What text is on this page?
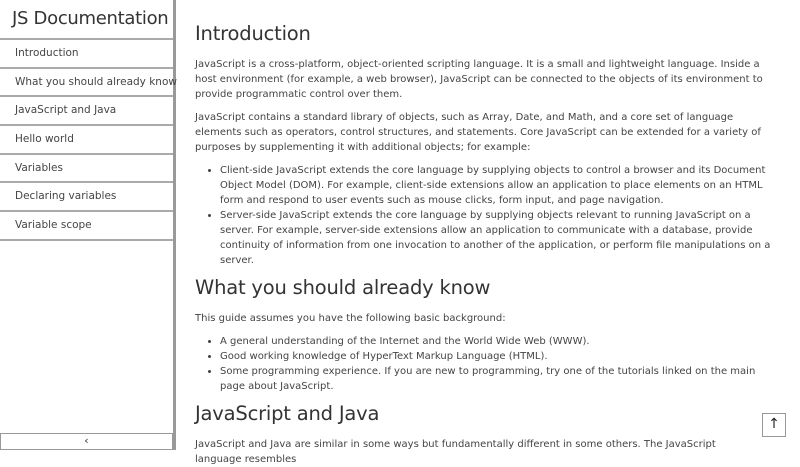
JS Documentation
Introduction
What you should already know
JavaScript and Java
Hello world
Variables
Declaring variables
Variable scope
‹
Introduction

JavaScript is a cross-platform, object-oriented scripting language. It is a small and lightweight language. Inside a host environment (for example, a web browser), JavaScript can be connected to the objects of its environment to provide programmatic control over them.

JavaScript contains a standard library of objects, such as Array, Date, and Math, and a core set of language elements such as operators, control structures, and statements. Core JavaScript can be extended for a variety of purposes by supplementing it with additional objects; for example:

• Client-side JavaScript extends the core language by supplying objects to control a browser and its Document Object Model (DOM). For example, client-side extensions allow an application to place elements on an HTML form and respond to user events such as mouse clicks, form input, and page navigation.
• Server-side JavaScript extends the core language by supplying objects relevant to running JavaScript on a server. For example, server-side extensions allow an application to communicate with a database, provide continuity of information from one invocation to another of the application, or perform file manipulations on a server.
What you should already know

This guide assumes you have the following basic background:

• A general understanding of the Internet and the World Wide Web (WWW).
• Good working knowledge of HyperText Markup Language (HTML).
• Some programming experience. If you are new to programming, try one of the tutorials linked on the main page about JavaScript.
JavaScript and Java

JavaScript and Java are similar in some ways but fundamentally different in some others. The JavaScript language resembles

↑
